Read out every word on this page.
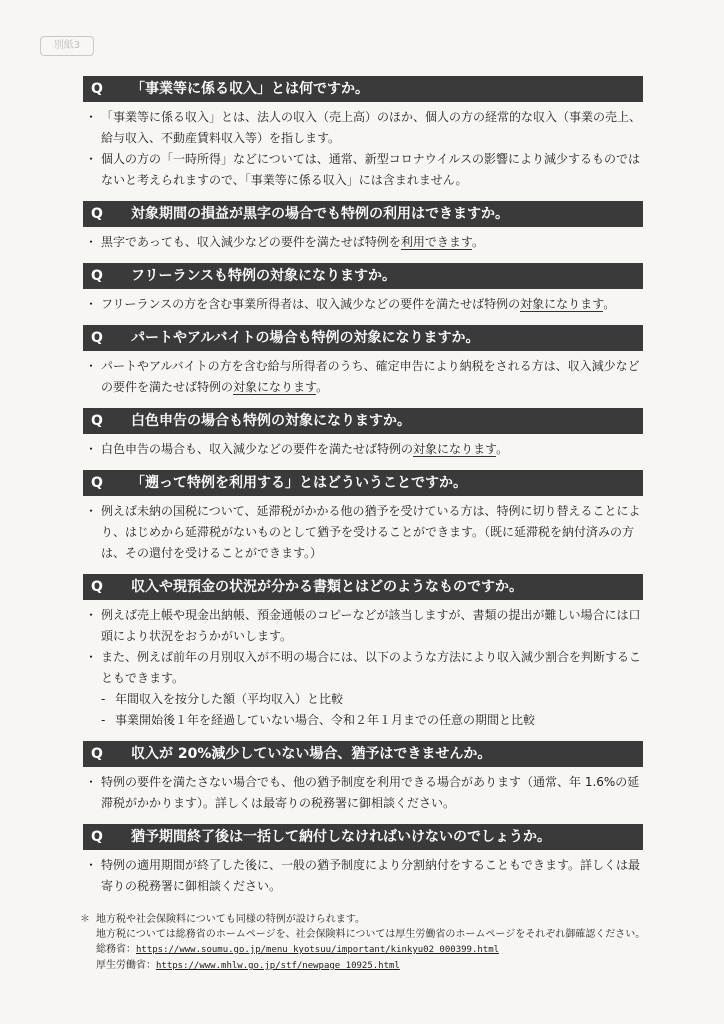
別紙3
Q 「事業等に係る収入」とは何ですか。
・ 「事業等に係る収入」とは、法人の収入（売上高）のほか、個人の方の経常的な収入（事業の売上、給与収入、不動産賃料収入等）を指します。
・ 個人の方の「一時所得」などについては、通常、新型コロナウイルスの影響により減少するものではないと考えられますので、「事業等に係る収入」には含まれません。
Q 対象期間の損益が黒字の場合でも特例の利用はできますか。
・ 黒字であっても、収入減少などの要件を満たせば特例を利用できます。
Q フリーランスも特例の対象になりますか。
・ フリーランスの方を含む事業所得者は、収入減少などの要件を満たせば特例の対象になります。
Q パートやアルバイトの場合も特例の対象になりますか。
・ パートやアルバイトの方を含む給与所得者のうち、確定申告により納税をされる方は、収入減少などの要件を満たせば特例の対象になります。
Q 白色申告の場合も特例の対象になりますか。
・ 白色申告の場合も、収入減少などの要件を満たせば特例の対象になります。
Q 「遡って特例を利用する」とはどういうことですか。
・ 例えば未納の国税について、延滞税がかかる他の猶予を受けている方は、特例に切り替えることにより、はじめから延滞税がないものとして猶予を受けることができます。（既に延滞税を納付済みの方は、その還付を受けることができます。）
Q 収入や現預金の状況が分かる書類とはどのようなものですか。
・ 例えば売上帳や現金出納帳、預金通帳のコピーなどが該当しますが、書類の提出が難しい場合には口頭により状況をおうかがいします。
・ また、例えば前年の月別収入が不明の場合には、以下のような方法により収入減少割合を判断することもできます。
- 年間収入を按分した額（平均収入）と比較
- 事業開始後１年を経過していない場合、令和２年１月までの任意の期間と比較
Q 収入が 20%減少していない場合、猶予はできませんか。
・ 特例の要件を満たさない場合でも、他の猶予制度を利用できる場合があります（通常、年 1.6%の延滞税がかかります）。詳しくは最寄りの税務署に御相談ください。
Q 猶予期間終了後は一括して納付しなければいけないのでしょうか。
・ 特例の適用期間が終了した後に、一般の猶予制度により分割納付をすることもできます。詳しくは最寄りの税務署に御相談ください。
＊ 地方税や社会保険料についても同様の特例が設けられます。
地方税については総務省のホームページを、社会保険料については厚生労働省のホームページをそれぞれ御確認ください。
総務省：https://www.soumu.go.jp/menu_kyotsuu/important/kinkyu02_000399.html
厚生労働省：https://www.mhlw.go.jp/stf/newpage_10925.html
